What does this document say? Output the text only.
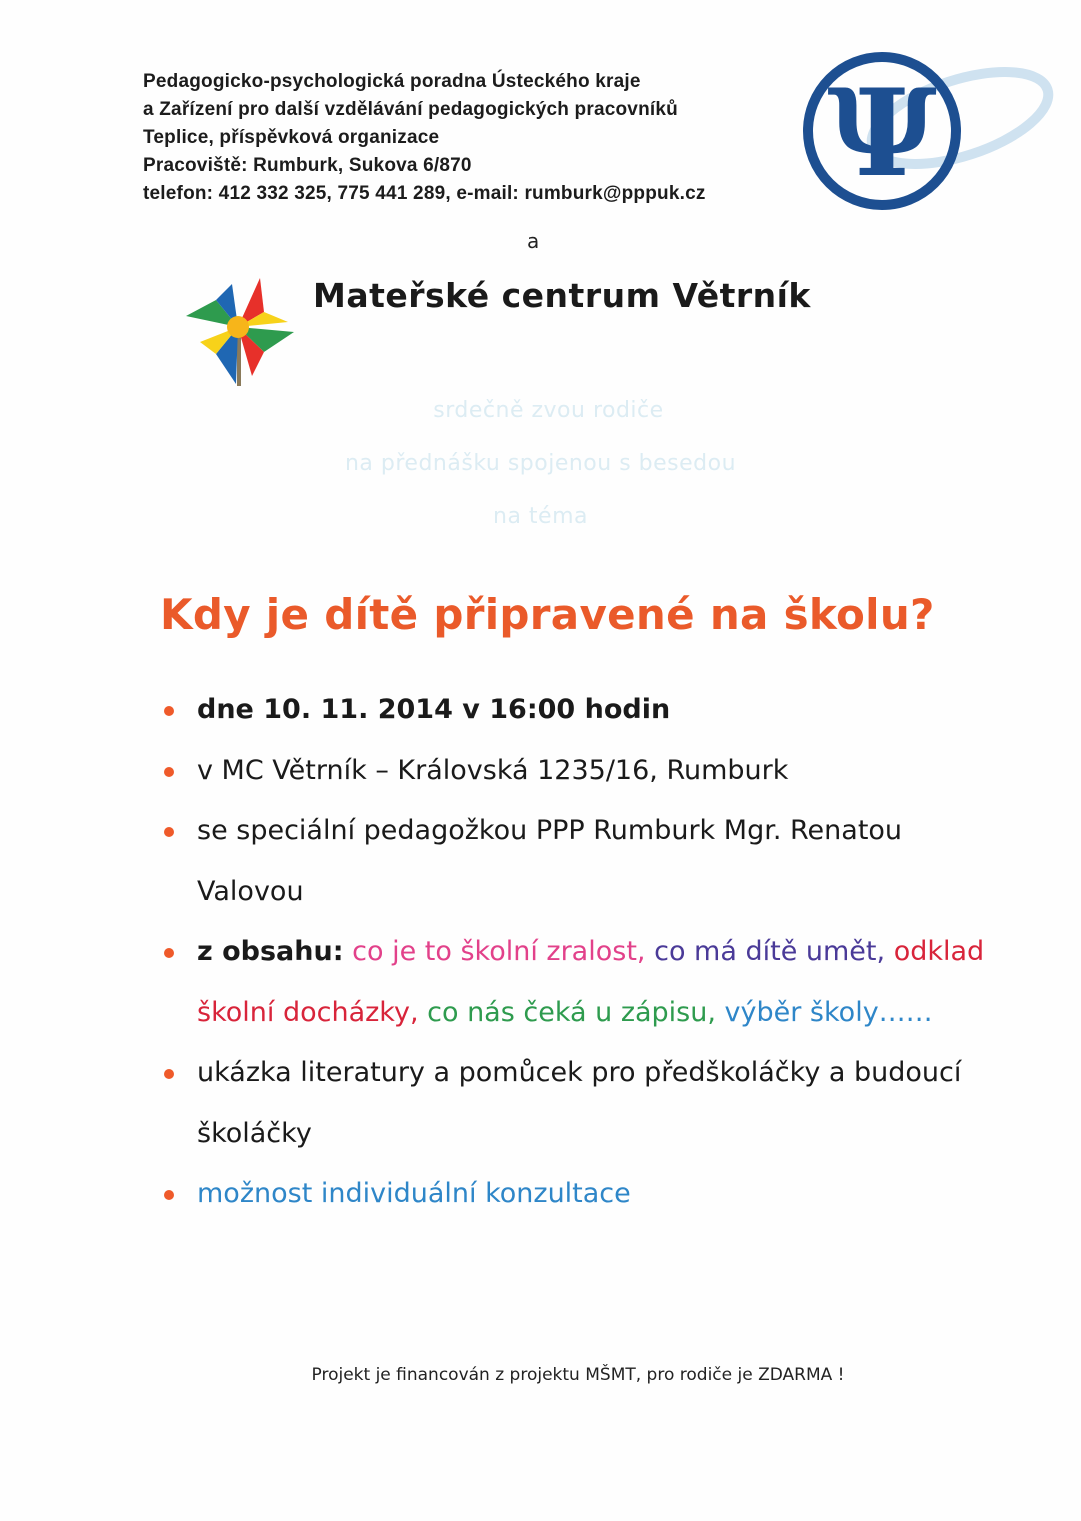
Pedagogicko-psychologická poradna Ústeckého kraje
a Zařízení pro další vzdělávání pedagogických pracovníků
Teplice, příspěvková organizace
Pracoviště: Rumburk, Sukova 6/870
telefon: 412 332 325, 775 441 289, e-mail: rumburk@pppuk.cz	Ψ
a
Mateřské centrum Větrník
srdečně zvou rodiče
na přednášku spojenou s besedou
na téma
Kdy je dítě připravené na školu?
dne 10. 11. 2014 v 16:00 hodin
v MC Větrník – Královská 1235/16, Rumburk
se speciální pedagožkou PPP Rumburk Mgr. Renatou Valovou
z obsahu: co je to školní zralost, co má dítě umět, odklad školní docházky, co nás čeká u zápisu, výběr školy……
ukázka literatury a pomůcek pro předškoláčky a budoucí školáčky
možnost individuální konzultace
Projekt je financován z projektu MŠMT, pro rodiče je ZDARMA !
